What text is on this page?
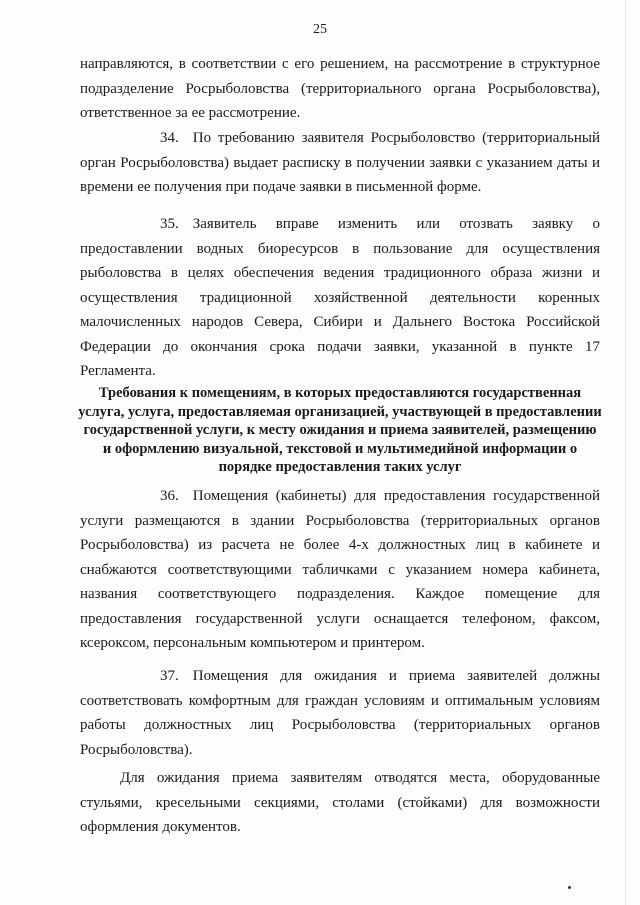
25

направляются, в соответствии с его решением, на рассмотрение в структурное подразделение Росрыболовства (территориального органа Росрыболовства), ответственное за ее рассмотрение.

34. По требованию заявителя Росрыболовство (территориальный орган Росрыболовства) выдает расписку в получении заявки с указанием даты и времени ее получения при подаче заявки в письменной форме.

35. Заявитель вправе изменить или отозвать заявку о предоставлении водных биоресурсов в пользование для осуществления рыболовства в целях обеспечения ведения традиционного образа жизни и осуществления традиционной хозяйственной деятельности коренных малочисленных народов Севера, Сибири и Дальнего Востока Российской Федерации до окончания срока подачи заявки, указанной в пункте 17 Регламента.

Требования к помещениям, в которых предоставляются государственная услуга, услуга, предоставляемая организацией, участвующей в предоставлении государственной услуги, к месту ожидания и приема заявителей, размещению и оформлению визуальной, текстовой и мультимедийной информации о порядке предоставления таких услуг

36. Помещения (кабинеты) для предоставления государственной услуги размещаются в здании Росрыболовства (территориальных органов Росрыболовства) из расчета не более 4-х должностных лиц в кабинете и снабжаются соответствующими табличками с указанием номера кабинета, названия соответствующего подразделения. Каждое помещение для предоставления государственной услуги оснащается телефоном, факсом, ксероксом, персональным компьютером и принтером.

37. Помещения для ожидания и приема заявителей должны соответствовать комфортным для граждан условиям и оптимальным условиям работы должностных лиц Росрыболовства (территориальных органов Росрыболовства).

Для ожидания приема заявителям отводятся места, оборудованные стульями, кресельными секциями, столами (стойками) для возможности оформления документов.
